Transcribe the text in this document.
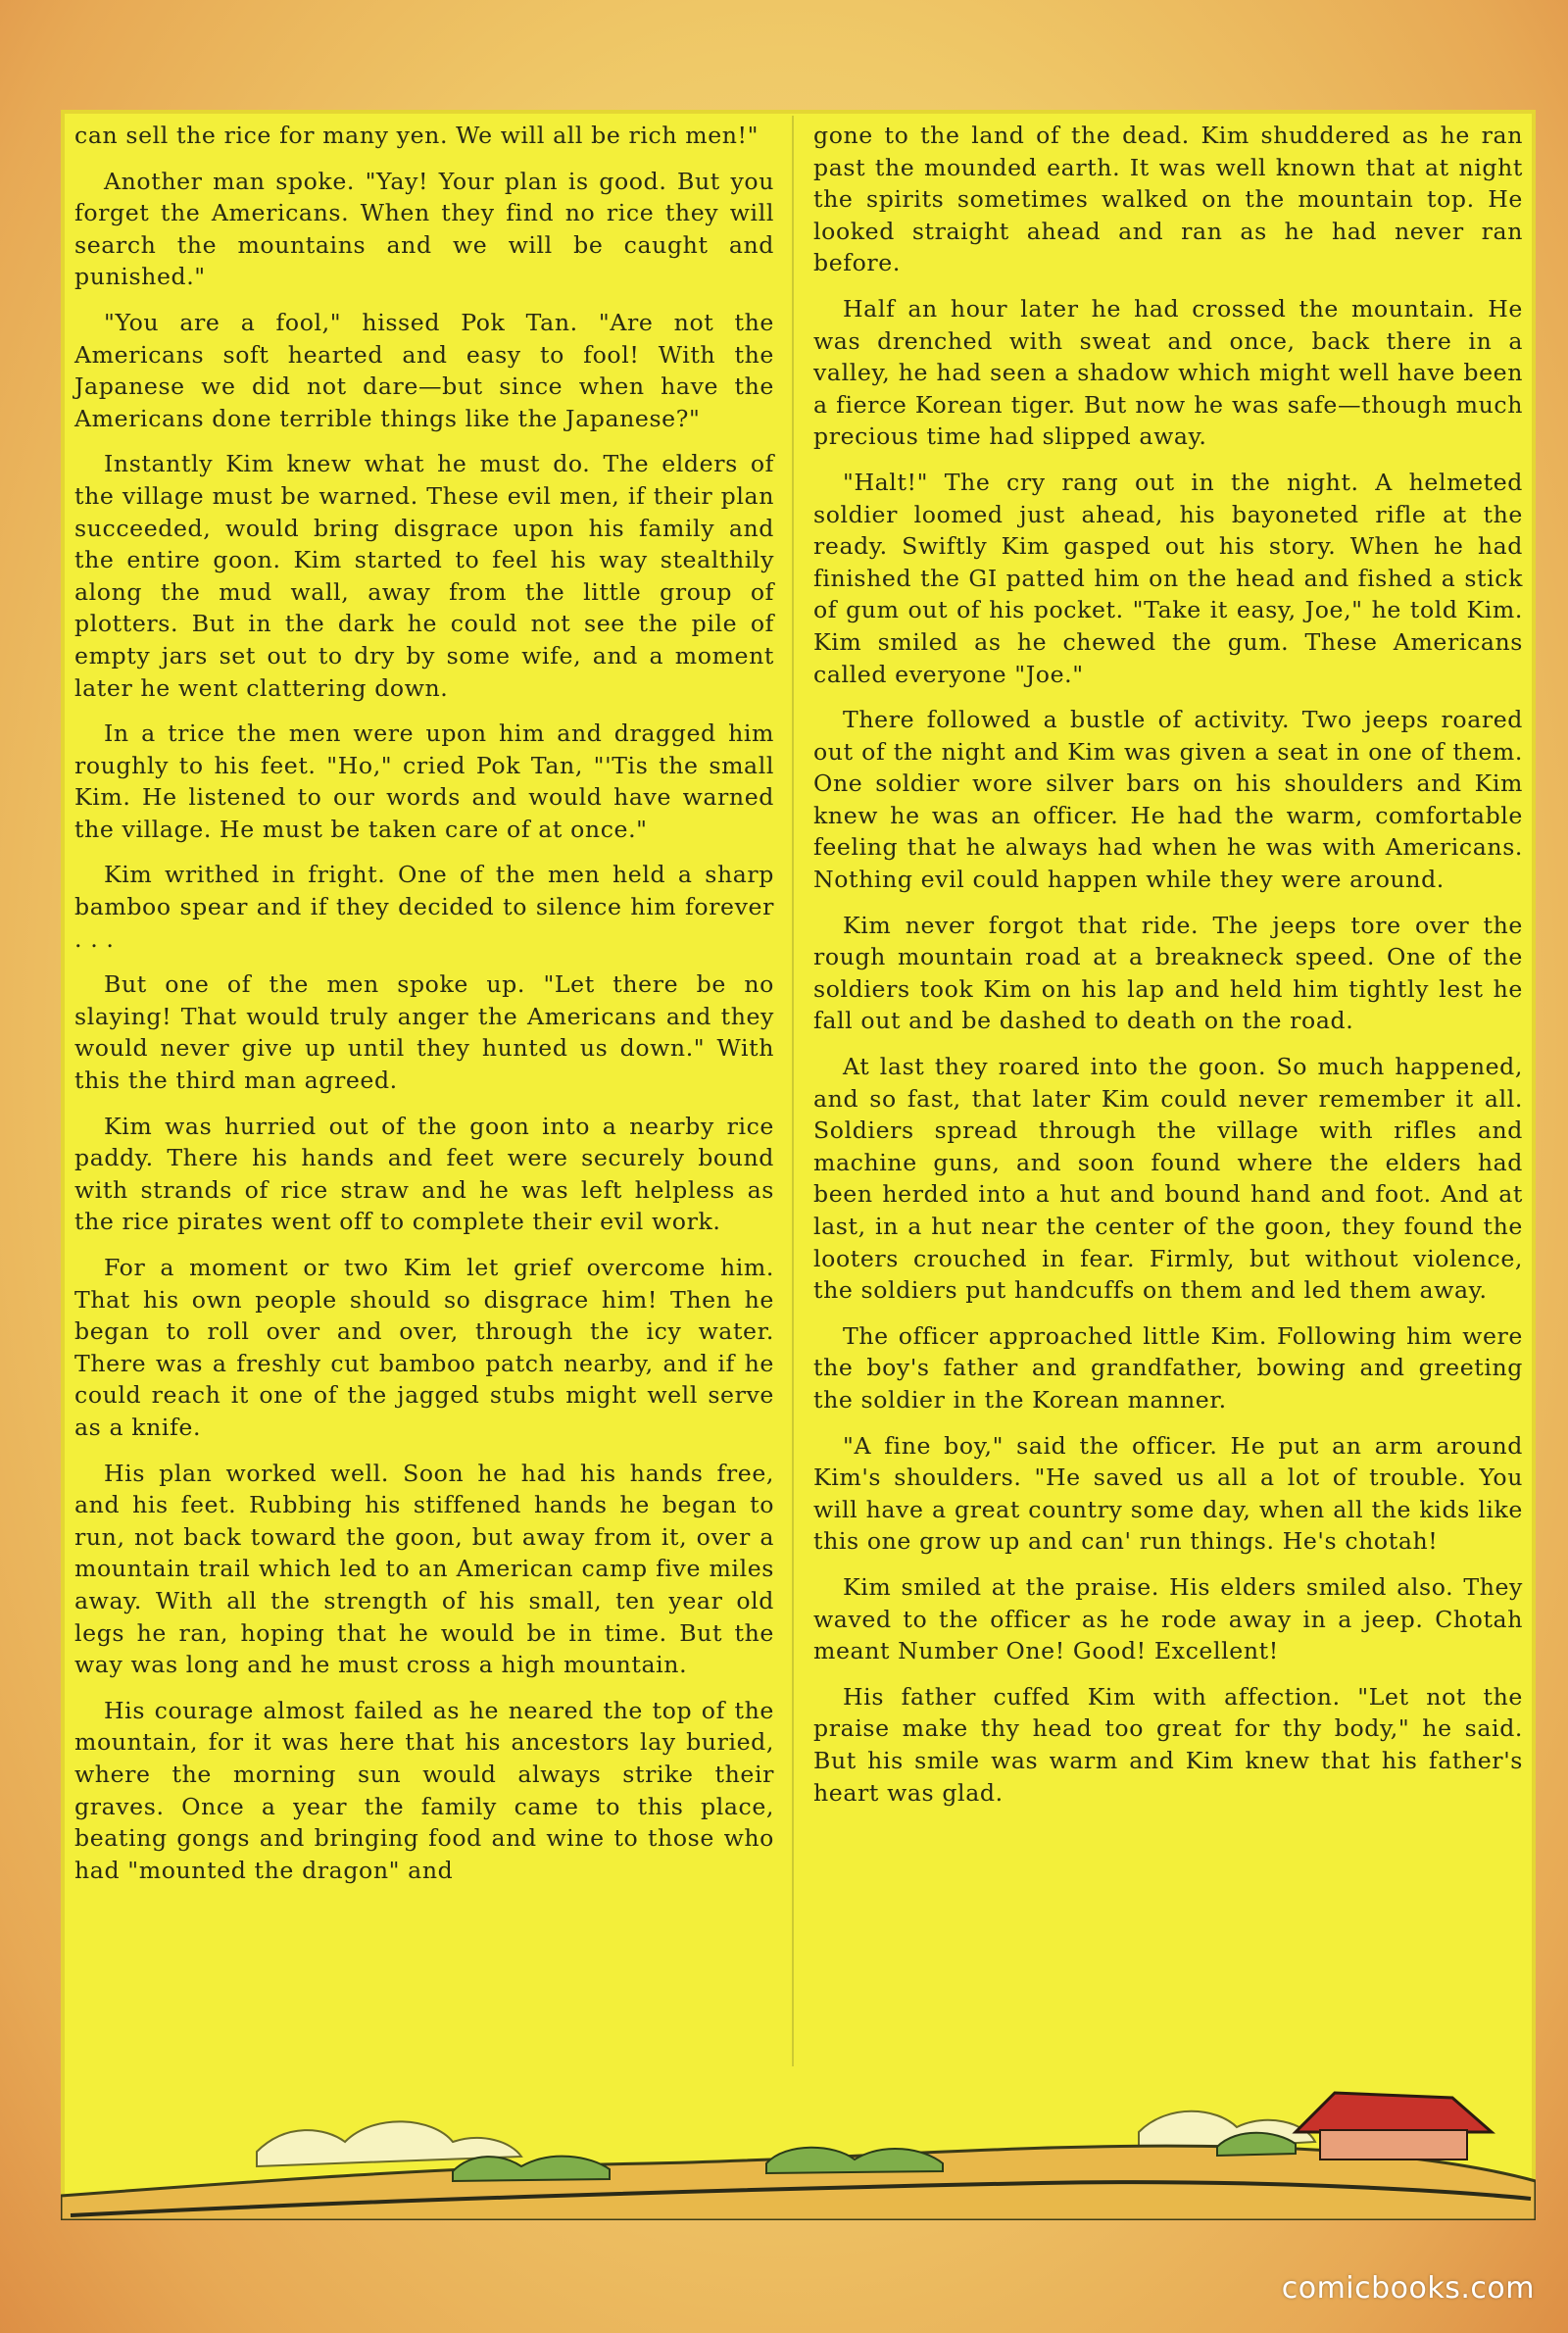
can sell the rice for many yen. We will all be rich men!"

Another man spoke. "Yay! Your plan is good. But you forget the Americans. When they find no rice they will search the mountains and we will be caught and punished."

"You are a fool," hissed Pok Tan. "Are not the Americans soft hearted and easy to fool! With the Japanese we did not dare—but since when have the Americans done terrible things like the Japanese?"

Instantly Kim knew what he must do. The elders of the village must be warned. These evil men, if their plan succeeded, would bring disgrace upon his family and the entire goon. Kim started to feel his way stealthily along the mud wall, away from the little group of plotters. But in the dark he could not see the pile of empty jars set out to dry by some wife, and a moment later he went clattering down.

In a trice the men were upon him and dragged him roughly to his feet. "Ho," cried Pok Tan, "'Tis the small Kim. He listened to our words and would have warned the village. He must be taken care of at once."

Kim writhed in fright. One of the men held a sharp bamboo spear and if they decided to silence him forever . . .

But one of the men spoke up. "Let there be no slaying! That would truly anger the Americans and they would never give up until they hunted us down." With this the third man agreed.

Kim was hurried out of the goon into a nearby rice paddy. There his hands and feet were securely bound with strands of rice straw and he was left helpless as the rice pirates went off to complete their evil work.

For a moment or two Kim let grief overcome him. That his own people should so disgrace him! Then he began to roll over and over, through the icy water. There was a freshly cut bamboo patch nearby, and if he could reach it one of the jagged stubs might well serve as a knife.

His plan worked well. Soon he had his hands free, and his feet. Rubbing his stiffened hands he began to run, not back toward the goon, but away from it, over a mountain trail which led to an American camp five miles away. With all the strength of his small, ten year old legs he ran, hoping that he would be in time. But the way was long and he must cross a high mountain.

His courage almost failed as he neared the top of the mountain, for it was here that his ancestors lay buried, where the morning sun would always strike their graves. Once a year the family came to this place, beating gongs and bringing food and wine to those who had "mounted the dragon" and

gone to the land of the dead. Kim shuddered as he ran past the mounded earth. It was well known that at night the spirits sometimes walked on the mountain top. He looked straight ahead and ran as he had never ran before.

Half an hour later he had crossed the mountain. He was drenched with sweat and once, back there in a valley, he had seen a shadow which might well have been a fierce Korean tiger. But now he was safe—though much precious time had slipped away.

"Halt!" The cry rang out in the night. A helmeted soldier loomed just ahead, his bayoneted rifle at the ready. Swiftly Kim gasped out his story. When he had finished the GI patted him on the head and fished a stick of gum out of his pocket. "Take it easy, Joe," he told Kim. Kim smiled as he chewed the gum. These Americans called everyone "Joe."

There followed a bustle of activity. Two jeeps roared out of the night and Kim was given a seat in one of them. One soldier wore silver bars on his shoulders and Kim knew he was an officer. He had the warm, comfortable feeling that he always had when he was with Americans. Nothing evil could happen while they were around.

Kim never forgot that ride. The jeeps tore over the rough mountain road at a breakneck speed. One of the soldiers took Kim on his lap and held him tightly lest he fall out and be dashed to death on the road.

At last they roared into the goon. So much happened, and so fast, that later Kim could never remember it all. Soldiers spread through the village with rifles and machine guns, and soon found where the elders had been herded into a hut and bound hand and foot. And at last, in a hut near the center of the goon, they found the looters crouched in fear. Firmly, but without violence, the soldiers put handcuffs on them and led them away.

The officer approached little Kim. Following him were the boy's father and grandfather, bowing and greeting the soldier in the Korean manner.

"A fine boy," said the officer. He put an arm around Kim's shoulders. "He saved us all a lot of trouble. You will have a great country some day, when all the kids like this one grow up and can' run things. He's chotah!

Kim smiled at the praise. His elders smiled also. They waved to the officer as he rode away in a jeep. Chotah meant Number One! Good! Excellent!

His father cuffed Kim with affection. "Let not the praise make thy head too great for thy body," he said. But his smile was warm and Kim knew that his father's heart was glad.

comicbooks.com
